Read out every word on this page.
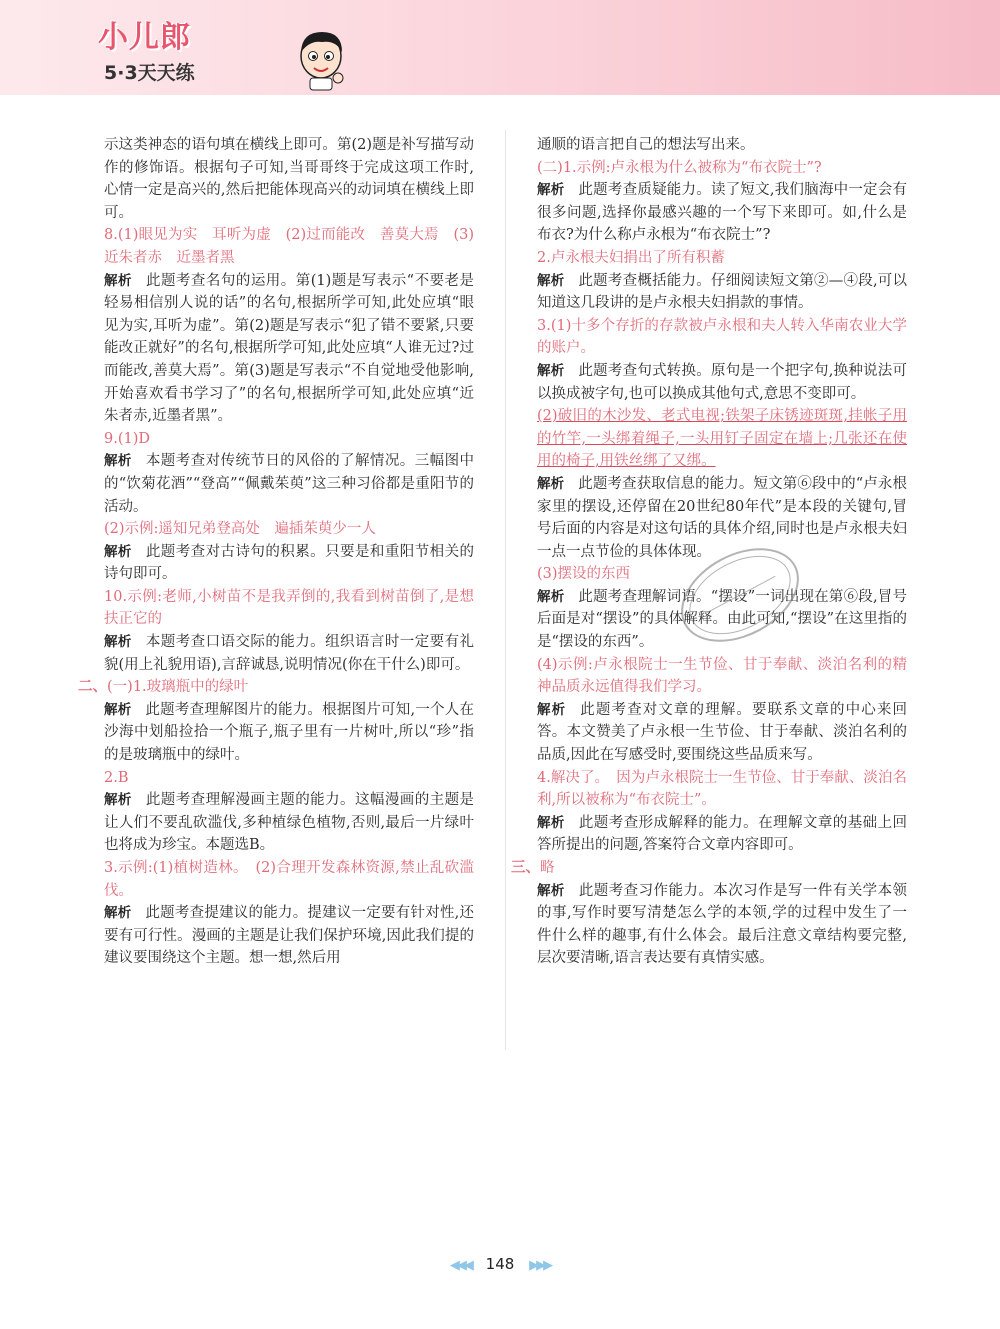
小儿郎
5·3天天练

示这类神态的语句填在横线上即可。第(2)题是补写描写动作的修饰语。根据句子可知,当哥哥终于完成这项工作时,心情一定是高兴的,然后把能体现高兴的动词填在横线上即可。

8.(1)眼见为实　耳听为虚　(2)过而能改　善莫大焉　(3)近朱者赤　近墨者黑

解析 此题考查名句的运用。第(1)题是写表示“不要老是轻易相信别人说的话”的名句,根据所学可知,此处应填“眼见为实,耳听为虚”。第(2)题是写表示“犯了错不要紧,只要能改正就好”的名句,根据所学可知,此处应填“人谁无过?过而能改,善莫大焉”。第(3)题是写表示“不自觉地受他影响,开始喜欢看书学习了”的名句,根据所学可知,此处应填“近朱者赤,近墨者黑”。

9.(1)D

解析 本题考查对传统节日的风俗的了解情况。三幅图中的“饮菊花酒”“登高”“佩戴茱萸”这三种习俗都是重阳节的活动。

(2)示例:遥知兄弟登高处　遍插茱萸少一人

解析 此题考查对古诗句的积累。只要是和重阳节相关的诗句即可。

10.示例:老师,小树苗不是我弄倒的,我看到树苗倒了,是想扶正它的

解析 本题考查口语交际的能力。组织语言时一定要有礼貌(用上礼貌用语),言辞诚恳,说明情况(你在干什么)即可。

二、(一)1.玻璃瓶中的绿叶

解析 此题考查理解图片的能力。根据图片可知,一个人在沙海中划船捡拾一个瓶子,瓶子里有一片树叶,所以“珍”指的是玻璃瓶中的绿叶。

2.B

解析 此题考查理解漫画主题的能力。这幅漫画的主题是让人们不要乱砍滥伐,多种植绿色植物,否则,最后一片绿叶也将成为珍宝。本题选B。

3.示例:(1)植树造林。　(2)合理开发森林资源,禁止乱砍滥伐。

解析 此题考查提建议的能力。提建议一定要有针对性,还要有可行性。漫画的主题是让我们保护环境,因此我们提的建议要围绕这个主题。想一想,然后用

通顺的语言把自己的想法写出来。

(二)1.示例:卢永根为什么被称为“布衣院士”?

解析 此题考查质疑能力。读了短文,我们脑海中一定会有很多问题,选择你最感兴趣的一个写下来即可。如,什么是布衣?为什么称卢永根为“布衣院士”?

2.卢永根夫妇捐出了所有积蓄

解析 此题考查概括能力。仔细阅读短文第②—④段,可以知道这几段讲的是卢永根夫妇捐款的事情。

3.(1)十多个存折的存款被卢永根和夫人转入华南农业大学的账户。

解析 此题考查句式转换。原句是一个把字句,换种说法可以换成被字句,也可以换成其他句式,意思不变即可。

(2)破旧的木沙发、老式电视;铁架子床锈迹斑斑,挂帐子用的竹竿,一头绑着绳子,一头用钉子固定在墙上;几张还在使用的椅子,用铁丝绑了又绑。

解析 此题考查获取信息的能力。短文第⑥段中的“卢永根家里的摆设,还停留在20世纪80年代”是本段的关键句,冒号后面的内容是对这句话的具体介绍,同时也是卢永根夫妇一点一点节俭的具体体现。

(3)摆设的东西

解析 此题考查理解词语。“摆设”一词出现在第⑥段,冒号后面是对“摆设”的具体解释。由此可知,“摆设”在这里指的是“摆设的东西”。

(4)示例:卢永根院士一生节俭、甘于奉献、淡泊名利的精神品质永远值得我们学习。

解析 此题考查对文章的理解。要联系文章的中心来回答。本文赞美了卢永根一生节俭、甘于奉献、淡泊名利的品质,因此在写感受时,要围绕这些品质来写。

4.解决了。　因为卢永根院士一生节俭、甘于奉献、淡泊名利,所以被称为“布衣院士”。

解析 此题考查形成解释的能力。在理解文章的基础上回答所提出的问题,答案符合文章内容即可。

三、略

解析 此题考查习作能力。本次习作是写一件有关学本领的事,写作时要写清楚怎么学的本领,学的过程中发生了一件什么样的趣事,有什么体会。最后注意文章结构要完整,层次要清晰,语言表达要有真情实感。

◀◀◀ 148 ▶▶▶
